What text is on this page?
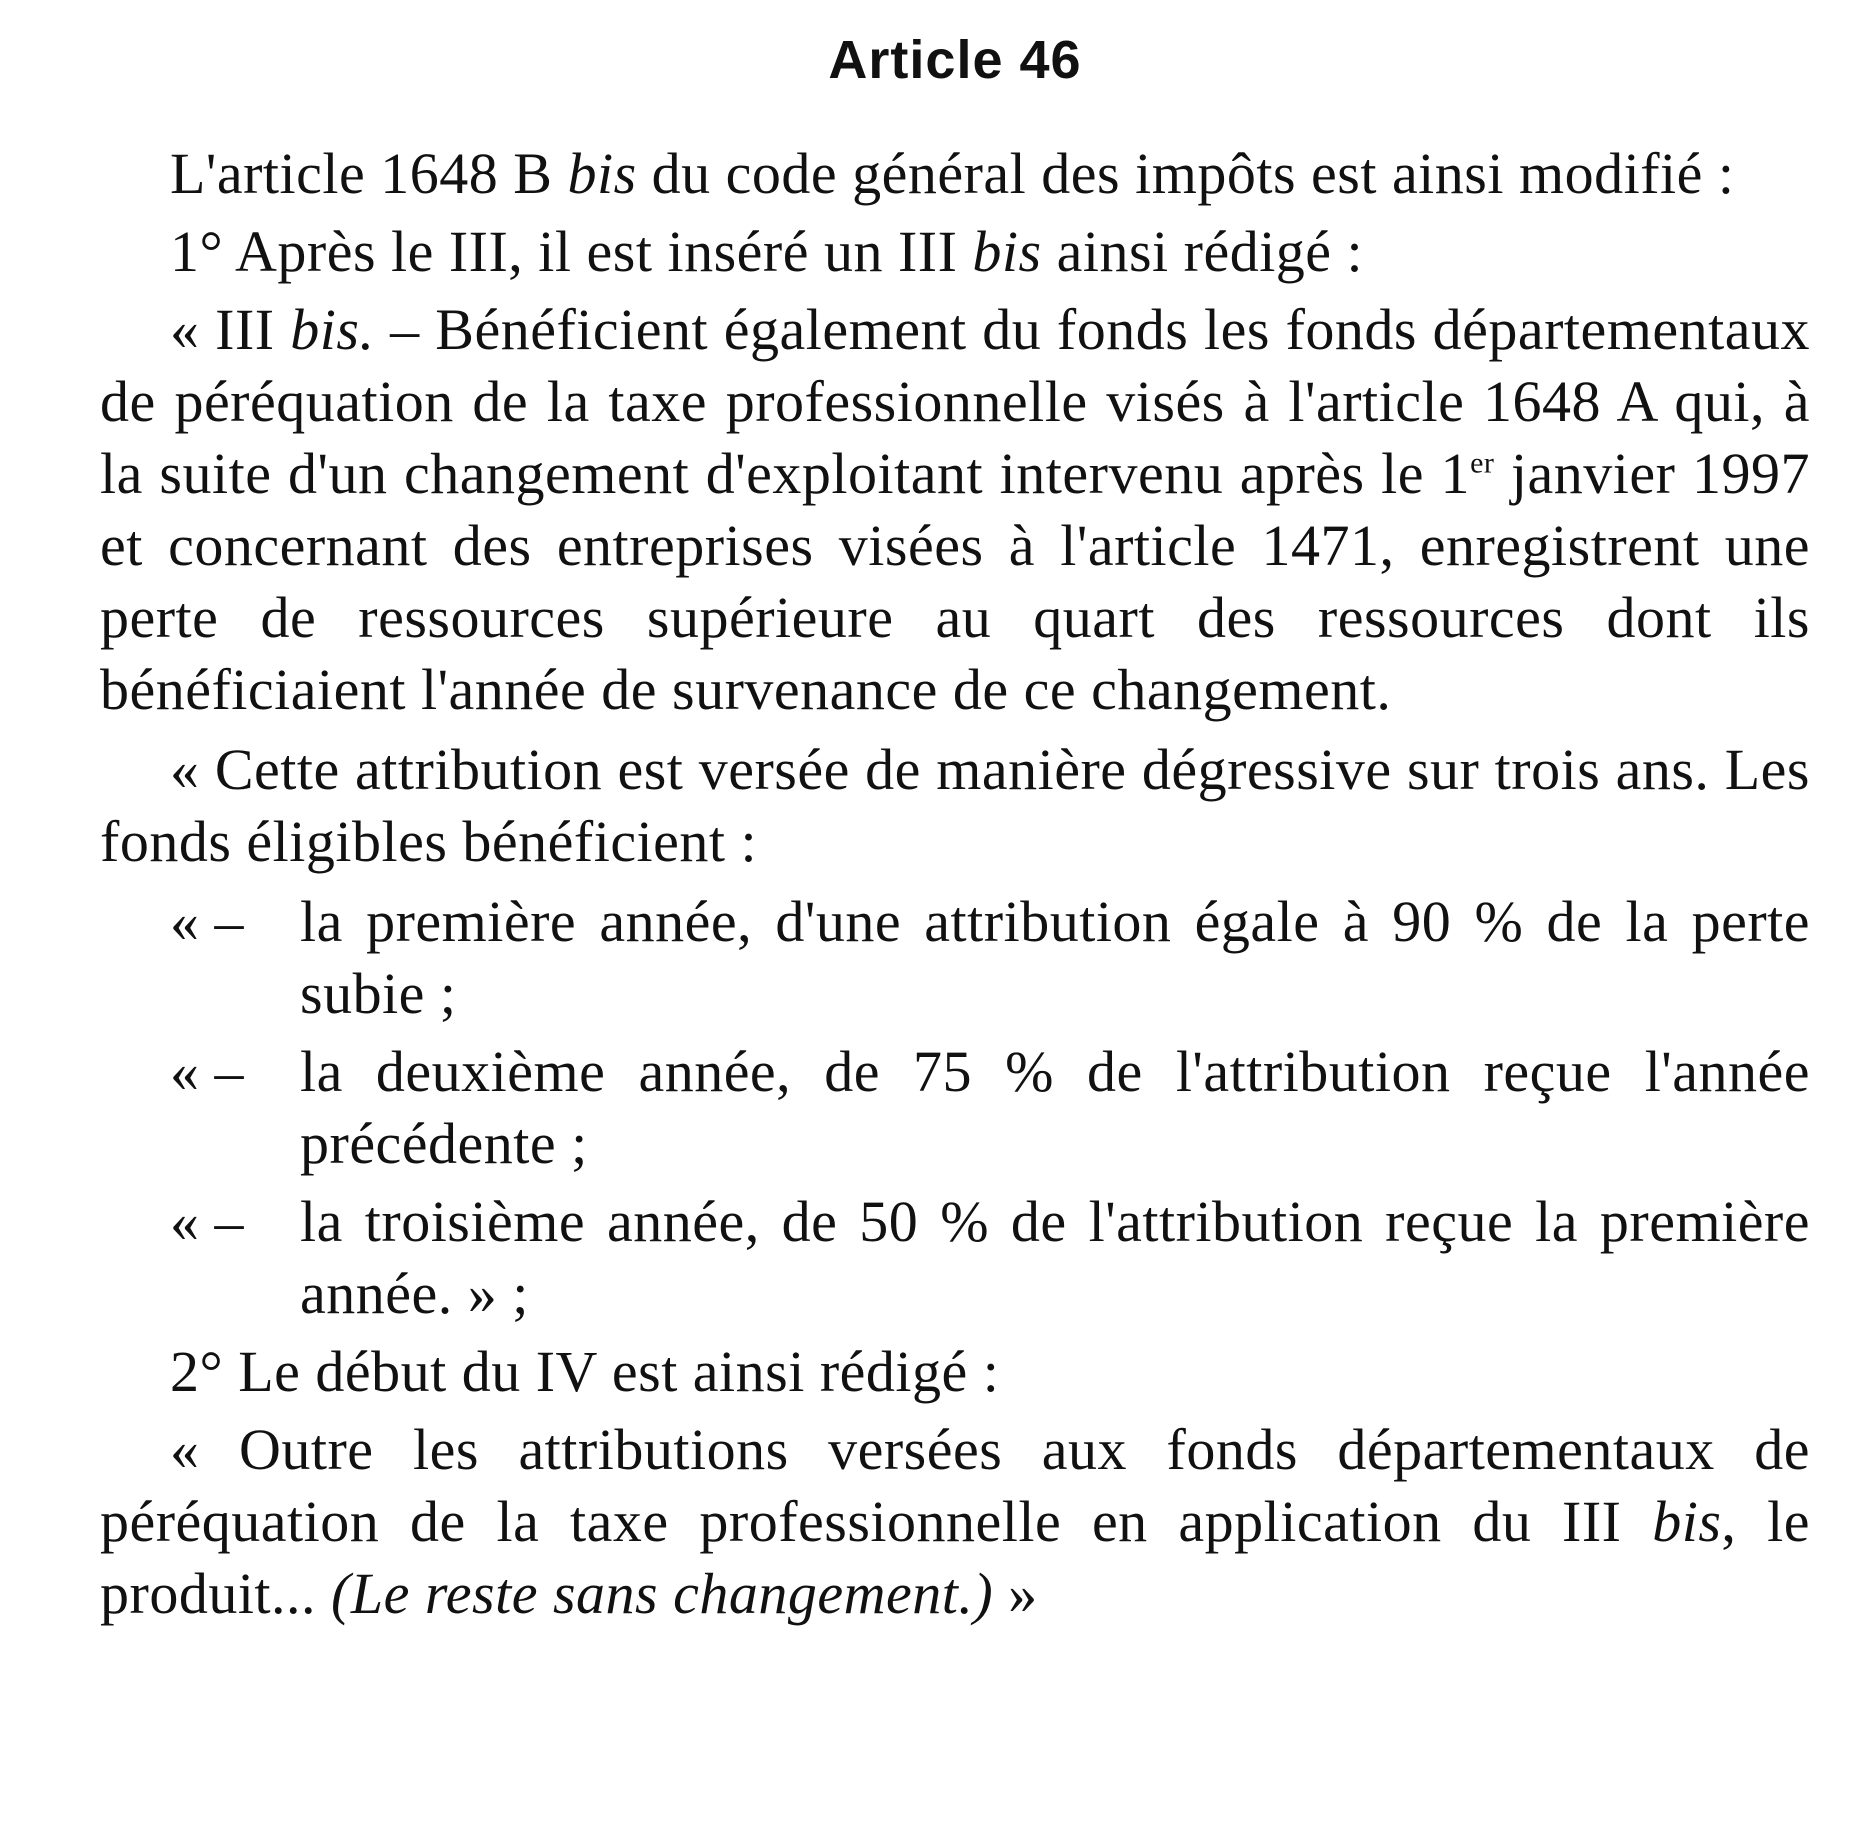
Article 46

L'article 1648 B bis du code général des impôts est ainsi modifié :

1° Après le III, il est inséré un III bis ainsi rédigé :

« III bis. – Bénéficient également du fonds les fonds départementaux de péréquation de la taxe professionnelle visés à l'article 1648 A qui, à la suite d'un changement d'exploitant intervenu après le 1er janvier 1997 et concernant des entreprises visées à l'article 1471, enregistrent une perte de ressources supérieure au quart des ressources dont ils bénéficiaient l'année de survenance de ce changement.

« Cette attribution est versée de manière dégressive sur trois ans. Les fonds éligibles bénéficient :

« – la première année, d'une attribution égale à 90 % de la perte subie ;

« – la deuxième année, de 75 % de l'attribution reçue l'année précédente ;

« – la troisième année, de 50 % de l'attribution reçue la première année. » ;

2° Le début du IV est ainsi rédigé :

« Outre les attributions versées aux fonds départementaux de péréquation de la taxe professionnelle en application du III bis, le produit... (Le reste sans changement.) »
